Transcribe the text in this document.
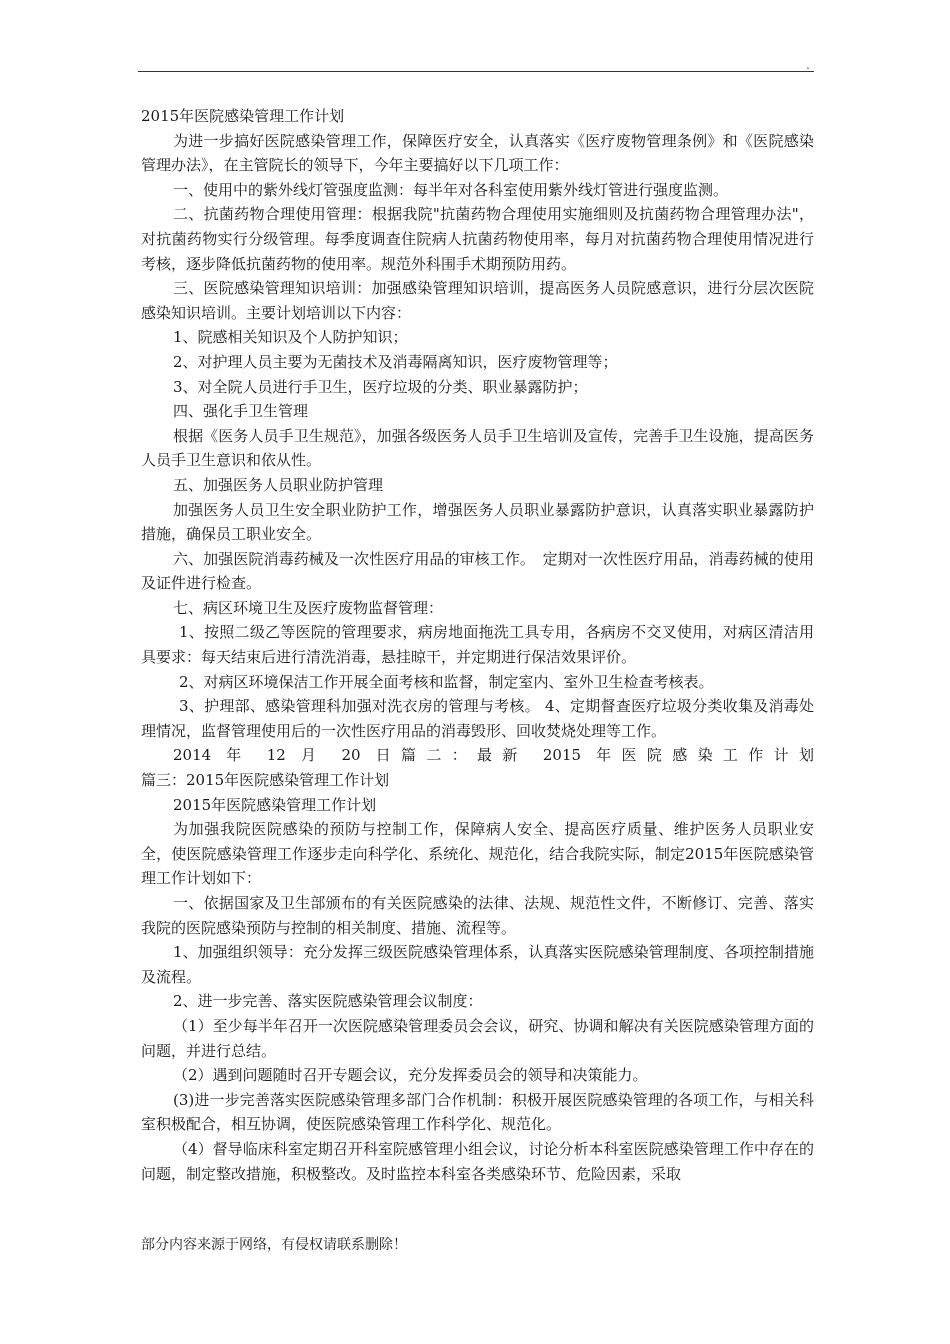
.

2015年医院感染管理工作计划

为进一步搞好医院感染管理工作，保障医疗安全，认真落实《医疗废物管理条例》和《医院感染管理办法》，在主管院长的领导下，今年主要搞好以下几项工作：

一、使用中的紫外线灯管强度监测：每半年对各科室使用紫外线灯管进行强度监测。

二、抗菌药物合理使用管理：根据我院"抗菌药物合理使用实施细则及抗菌药物合理管理办法"，对抗菌药物实行分级管理。每季度调查住院病人抗菌药物使用率，每月对抗菌药物合理使用情况进行考核，逐步降低抗菌药物的使用率。规范外科围手术期预防用药。

三、医院感染管理知识培训：加强感染管理知识培训，提高医务人员院感意识，进行分层次医院感染知识培训。主要计划培训以下内容：

1、院感相关知识及个人防护知识；

2、对护理人员主要为无菌技术及消毒隔离知识，医疗废物管理等；

3、对全院人员进行手卫生，医疗垃圾的分类、职业暴露防护；

四、强化手卫生管理

根据《医务人员手卫生规范》，加强各级医务人员手卫生培训及宣传，完善手卫生设施，提高医务人员手卫生意识和依从性。

五、加强医务人员职业防护管理

加强医务人员卫生安全职业防护工作，增强医务人员职业暴露防护意识，认真落实职业暴露防护措施，确保员工职业安全。

六、加强医院消毒药械及一次性医疗用品的审核工作。　定期对一次性医疗用品，消毒药械的使用及证件进行检查。

七、病区环境卫生及医疗废物监督管理：

1、按照二级乙等医院的管理要求，病房地面拖洗工具专用，各病房不交叉使用，对病区清洁用具要求：每天结束后进行清洗消毒，悬挂晾干，并定期进行保洁效果评价。

2、对病区环境保洁工作开展全面考核和监督，制定室内、室外卫生检查考核表。

3、护理部、感染管理科加强对洗衣房的管理与考核。 4、定期督查医疗垃圾分类收集及消毒处理情况，监督管理使用后的一次性医疗用品的消毒毁形、回收焚烧处理等工作。

2014 年 12 月 20 日篇二：最新 2015 年医院感染工作计划

篇三：2015年医院感染管理工作计划

2015年医院感染管理工作计划

为加强我院医院感染的预防与控制工作，保障病人安全、提高医疗质量、维护医务人员职业安全，使医院感染管理工作逐步走向科学化、系统化、规范化，结合我院实际，制定2015年医院感染管理工作计划如下：

一、依据国家及卫生部颁布的有关医院感染的法律、法规、规范性文件，不断修订、完善、落实我院的医院感染预防与控制的相关制度、措施、流程等。

1、加强组织领导：充分发挥三级医院感染管理体系，认真落实医院感染管理制度、各项控制措施及流程。

2、进一步完善、落实医院感染管理会议制度：

（1）至少每半年召开一次医院感染管理委员会会议，研究、协调和解决有关医院感染管理方面的问题，并进行总结。

（2）遇到问题随时召开专题会议，充分发挥委员会的领导和决策能力。

(3)进一步完善落实医院感染管理多部门合作机制：积极开展医院感染管理的各项工作，与相关科室积极配合，相互协调，使医院感染管理工作科学化、规范化。

（4）督导临床科室定期召开科室院感管理小组会议，讨论分析本科室医院感染管理工作中存在的问题，制定整改措施，积极整改。及时监控本科室各类感染环节、危险因素，采取

部分内容来源于网络，有侵权请联系删除！
